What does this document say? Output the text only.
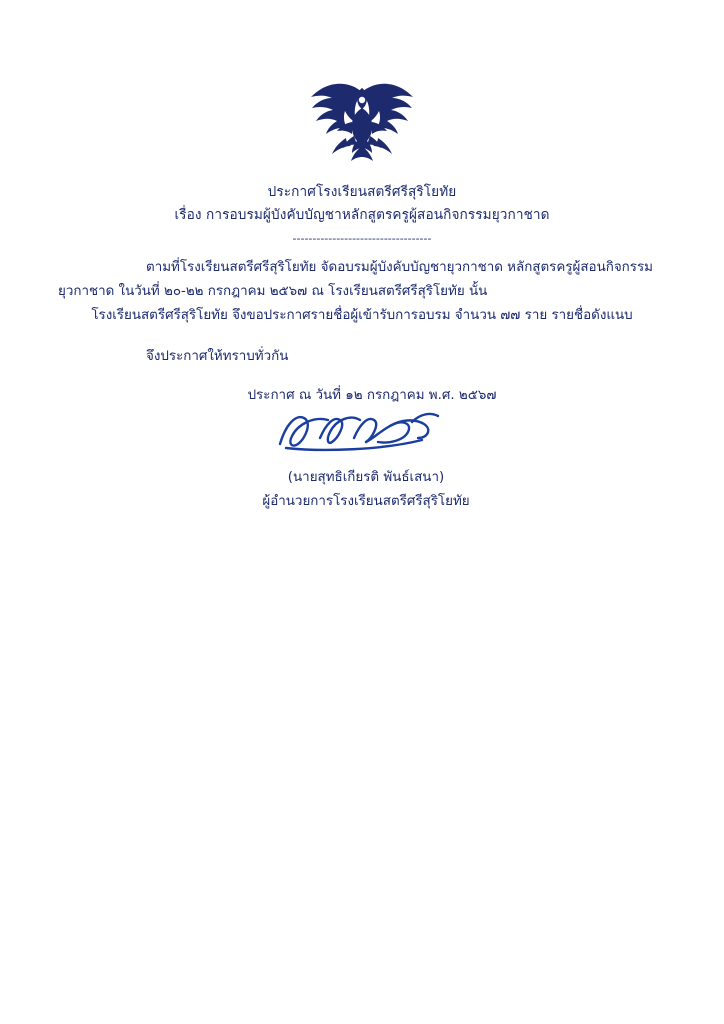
ประกาศโรงเรียนสตรีศรีสุริโยทัย
เรื่อง การอบรมผู้บังคับบัญชาหลักสูตรครูผู้สอนกิจกรรมยุวกาชาด
-----------------------------------
ตามที่โรงเรียนสตรีศรีสุริโยทัย จัดอบรมผู้บังคับบัญชายุวกาชาด หลักสูตรครูผู้สอนกิจกรรม
ยุวกาชาด ในวันที่ ๒๐-๒๒ กรกฎาคม ๒๕๖๗ ณ โรงเรียนสตรีศรีสุริโยทัย นั้น
โรงเรียนสตรีศรีสุริโยทัย จึงขอประกาศรายชื่อผู้เข้ารับการอบรม จำนวน ๗๗ ราย รายชื่อดังแนบ
จึงประกาศให้ทราบทั่วกัน
ประกาศ ณ วันที่ ๑๒ กรกฎาคม พ.ศ. ๒๕๖๗
(นายสุทธิเกียรติ พันธ์เสนา)
ผู้อำนวยการโรงเรียนสตรีศรีสุริโยทัย
